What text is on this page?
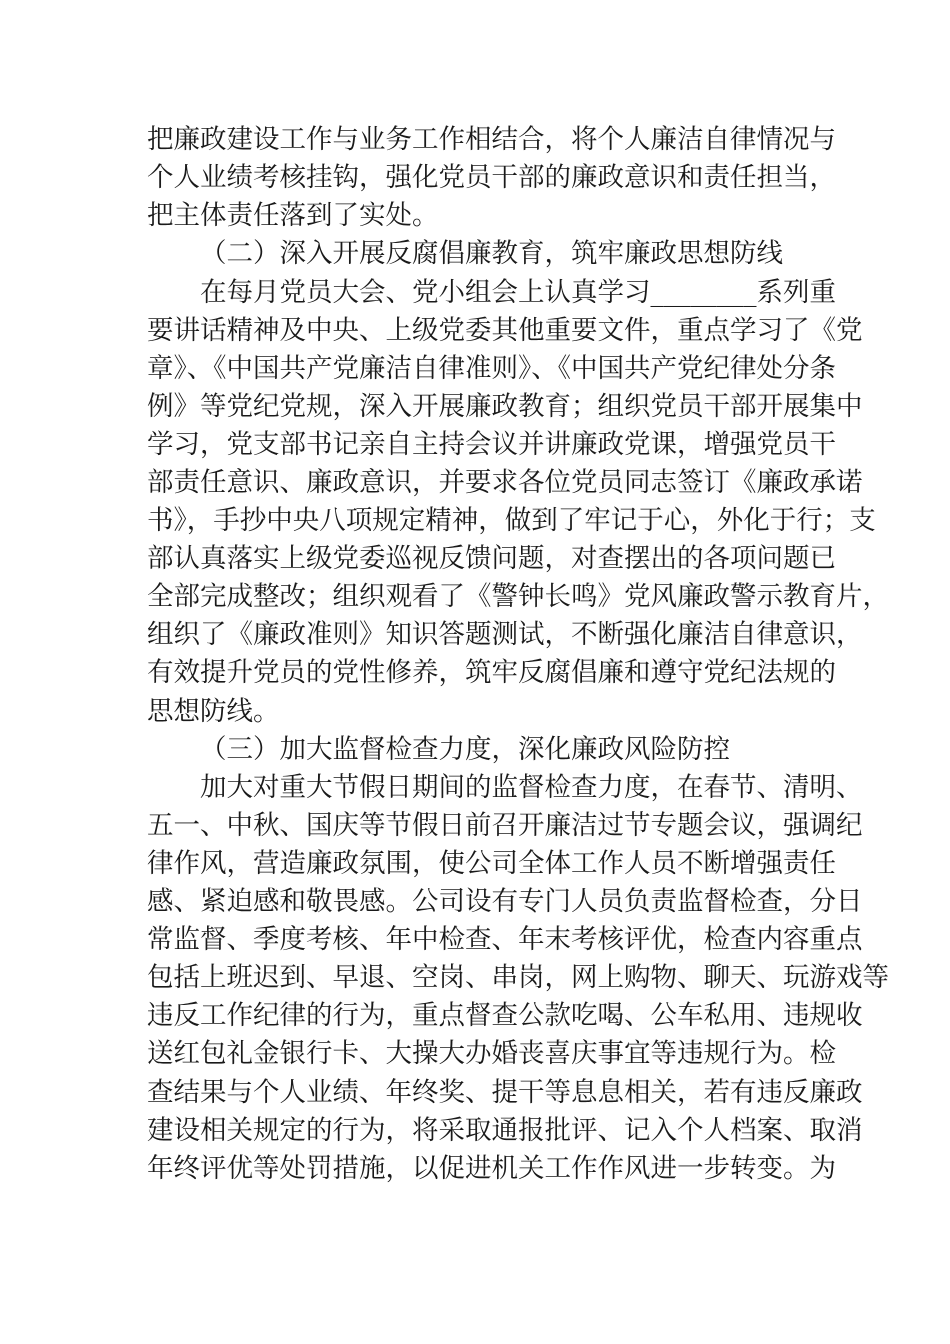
把廉政建设工作与业务工作相结合，将个人廉洁自律情况与
个人业绩考核挂钩，强化党员干部的廉政意识和责任担当，
把主体责任落到了实处。
（二）深入开展反腐倡廉教育，筑牢廉政思想防线
在每月党员大会、党小组会上认真学习________系列重
要讲话精神及中央、上级党委其他重要文件，重点学习了《党
章》、《中国共产党廉洁自律准则》、《中国共产党纪律处分条
例》等党纪党规，深入开展廉政教育；组织党员干部开展集中
学习，党支部书记亲自主持会议并讲廉政党课，增强党员干
部责任意识、廉政意识，并要求各位党员同志签订《廉政承诺
书》，手抄中央八项规定精神，做到了牢记于心，外化于行；支
部认真落实上级党委巡视反馈问题，对查摆出的各项问题已
全部完成整改；组织观看了《警钟长鸣》党风廉政警示教育片，
组织了《廉政准则》知识答题测试，不断强化廉洁自律意识，
有效提升党员的党性修养，筑牢反腐倡廉和遵守党纪法规的
思想防线。
（三）加大监督检查力度，深化廉政风险防控
加大对重大节假日期间的监督检查力度，在春节、清明、
五一、中秋、国庆等节假日前召开廉洁过节专题会议，强调纪
律作风，营造廉政氛围，使公司全体工作人员不断增强责任
感、紧迫感和敬畏感。公司设有专门人员负责监督检查，分日
常监督、季度考核、年中检查、年末考核评优，检查内容重点
包括上班迟到、早退、空岗、串岗，网上购物、聊天、玩游戏等
违反工作纪律的行为，重点督查公款吃喝、公车私用、违规收
送红包礼金银行卡、大操大办婚丧喜庆事宜等违规行为。检
查结果与个人业绩、年终奖、提干等息息相关，若有违反廉政
建设相关规定的行为，将采取通报批评、记入个人档案、取消
年终评优等处罚措施，以促进机关工作作风进一步转变。为
